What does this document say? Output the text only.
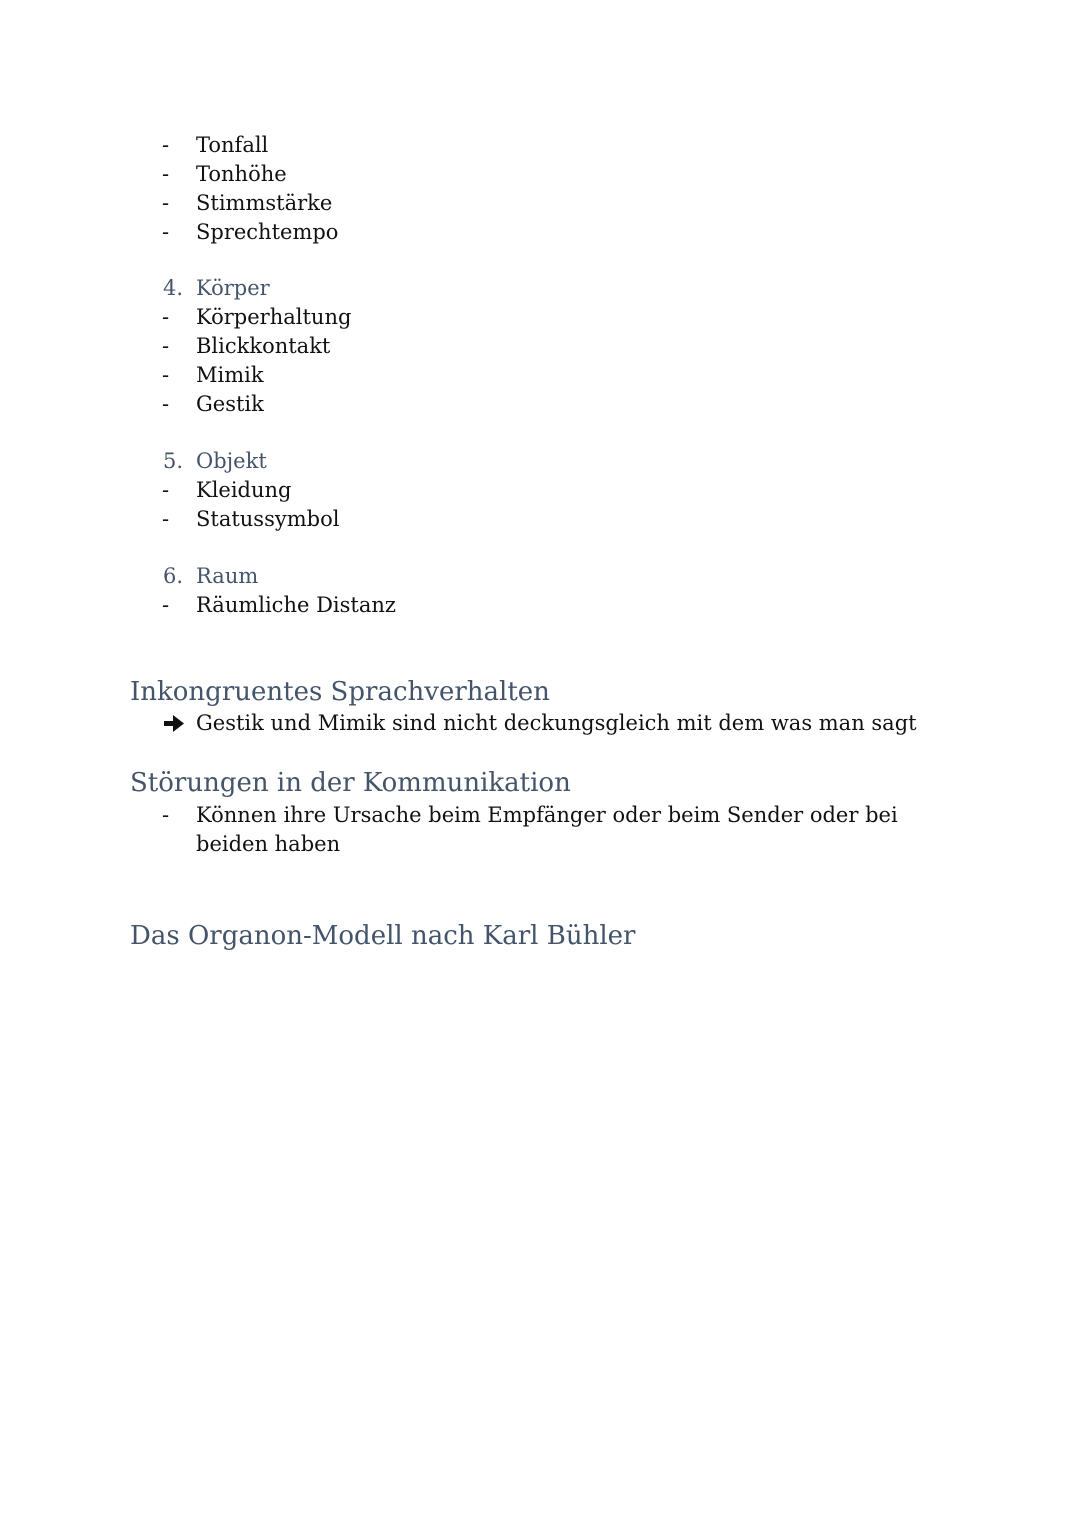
-	Tonfall
-	Tonhöhe
-	Stimmstärke
-	Sprechtempo
4. Körper
-	Körperhaltung
-	Blickkontakt
-	Mimik
-	Gestik
5. Objekt
-	Kleidung
-	Statussymbol
6. Raum
-	Räumliche Distanz
Inkongruentes Sprachverhalten
Gestik und Mimik sind nicht deckungsgleich mit dem was man sagt
Störungen in der Kommunikation
-	Können ihre Ursache beim Empfänger oder beim Sender oder bei beiden haben
Das Organon-Modell nach Karl Bühler
